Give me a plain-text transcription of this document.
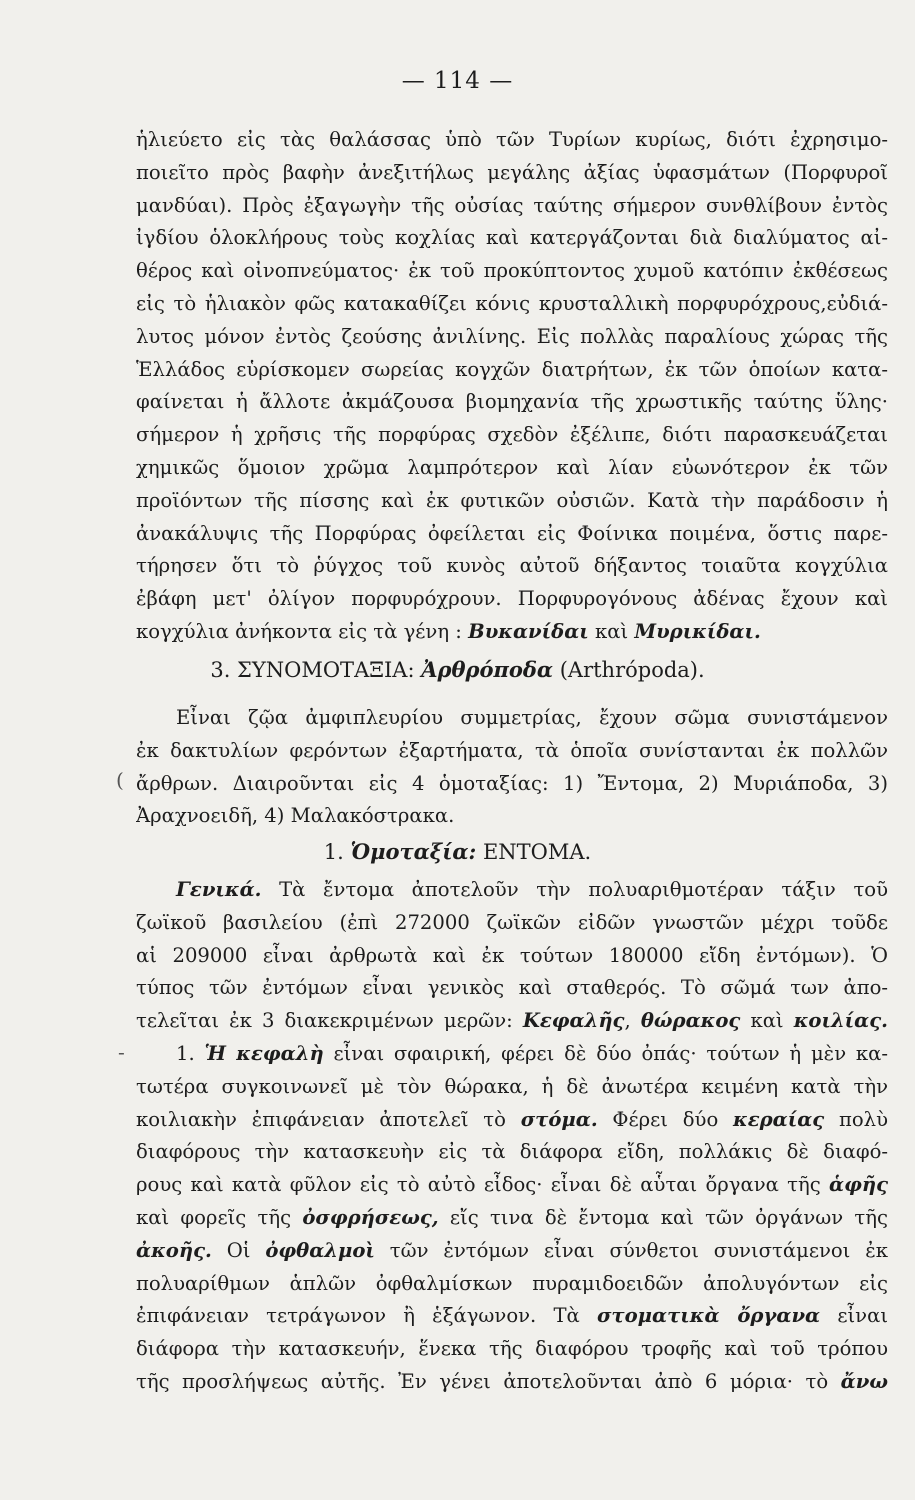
— 114 —
ἡλιεύετο εἰς τὰς θαλάσσας ὑπὸ τῶν Τυρίων κυρίως, διότι ἐχρησιμο-
ποιεῖτο πρὸς βαφὴν ἀνεξιτήλως μεγάλης ἀξίας ὑφασμάτων (Πορφυροῖ
μανδύαι). Πρὸς ἐξαγωγὴν τῆς οὐσίας ταύτης σήμερον συνθλίβουν ἐντὸς
ἰγδίου ὁλοκλήρους τοὺς κοχλίας καὶ κατεργάζονται διὰ διαλύματος αἰ-
θέρος καὶ οἰνοπνεύματος· ἐκ τοῦ προκύπτοντος χυμοῦ κατόπιν ἐκθέσεως
εἰς τὸ ἡλιακὸν φῶς κατακαθίζει κόνις κρυσταλλικὴ πορφυρόχρους,εὐδιά-
λυτος μόνον ἐντὸς ζεούσης ἀνιλίνης. Εἰς πολλὰς παραλίους χώρας τῆς
Ἑλλάδος εὑρίσκομεν σωρείας κογχῶν διατρήτων, ἐκ τῶν ὁποίων κατα-
φαίνεται ἡ ἄλλοτε ἀκμάζουσα βιομηχανία τῆς χρωστικῆς ταύτης ὕλης·
σήμερον ἡ χρῆσις τῆς πορφύρας σχεδὸν ἐξέλιπε, διότι παρασκευάζεται
χημικῶς ὅμοιον χρῶμα λαμπρότερον καὶ λίαν εὐωνότερον ἐκ τῶν
προϊόντων τῆς πίσσης καὶ ἐκ φυτικῶν οὐσιῶν. Κατὰ τὴν παράδοσιν ἡ
ἀνακάλυψις τῆς Πορφύρας ὀφείλεται εἰς Φοίνικα ποιμένα, ὅστις παρε-
τήρησεν ὅτι τὸ ῥύγχος τοῦ κυνὸς αὐτοῦ δήξαντος τοιαῦτα κογχύλια
ἐβάφη μετ' ὀλίγον πορφυρόχρουν. Πορφυρογόνους ἀδένας ἔχουν καὶ
κογχύλια ἀνήκοντα εἰς τὰ γένη : Βυκανίδαι καὶ Μυρικίδαι.
3. ΣΥΝΟΜΟΤΑΞΙΑ: Ἀρθρόποδα (Arthrópoda).
Εἶναι ζῷα ἀμφιπλευρίου συμμετρίας, ἔχουν σῶμα συνιστάμενον
ἐκ δακτυλίων φερόντων ἐξαρτήματα, τὰ ὁποῖα συνίστανται ἐκ πολλῶν
ἄρθρων. Διαιροῦνται εἰς 4 ὁμοταξίας: 1) Ἔντομα, 2) Μυριάποδα, 3)
Ἀραχνοειδῆ, 4) Μαλακόστρακα.
(
1. Ὁμοταξία: ΕΝΤΟΜΑ.
Γενικά. Τὰ ἔντομα ἀποτελοῦν τὴν πολυαριθμοτέραν τάξιν τοῦ
ζωϊκοῦ βασιλείου (ἐπὶ 272000 ζωϊκῶν εἰδῶν γνωστῶν μέχρι τοῦδε
αἱ 209000 εἶναι ἀρθρωτὰ καὶ ἐκ τούτων 180000 εἴδη ἐντόμων). Ὁ
τύπος τῶν ἐντόμων εἶναι γενικὸς καὶ σταθερός. Τὸ σῶμά των ἀπο-
τελεῖται ἐκ 3 διακεκριμένων μερῶν: Κεφαλῆς, θώρακος καὶ κοιλίας.
1. Ἡ κεφαλὴ εἶναι σφαιρική, φέρει δὲ δύο ὀπάς· τούτων ἡ μὲν κα-
τωτέρα συγκοινωνεῖ μὲ τὸν θώρακα, ἡ δὲ ἀνωτέρα κειμένη κατὰ τὴν
κοιλιακὴν ἐπιφάνειαν ἀποτελεῖ τὸ στόμα. Φέρει δύο κεραίας πολὺ
διαφόρους τὴν κατασκευὴν εἰς τὰ διάφορα εἴδη, πολλάκις δὲ διαφό-
ρους καὶ κατὰ φῦλον εἰς τὸ αὐτὸ εἶδος· εἶναι δὲ αὗται ὄργανα τῆς ἁφῆς
καὶ φορεῖς τῆς ὀσφρήσεως, εἴς τινα δὲ ἔντομα καὶ τῶν ὀργάνων τῆς
ἀκοῆς. Οἱ ὀφθαλμοὶ τῶν ἐντόμων εἶναι σύνθετοι συνιστάμενοι ἐκ
πολυαρίθμων ἁπλῶν ὀφθαλμίσκων πυραμιδοειδῶν ἀπολυγόντων εἰς
ἐπιφάνειαν τετράγωνον ἢ ἑξάγωνον. Τὰ στοματικὰ ὄργανα εἶναι
διάφορα τὴν κατασκευήν, ἕνεκα τῆς διαφόρου τροφῆς καὶ τοῦ τρόπου
τῆς προσλήψεως αὐτῆς. Ἐν γένει ἀποτελοῦνται ἀπὸ 6 μόρια· τὸ ἄνω
-
